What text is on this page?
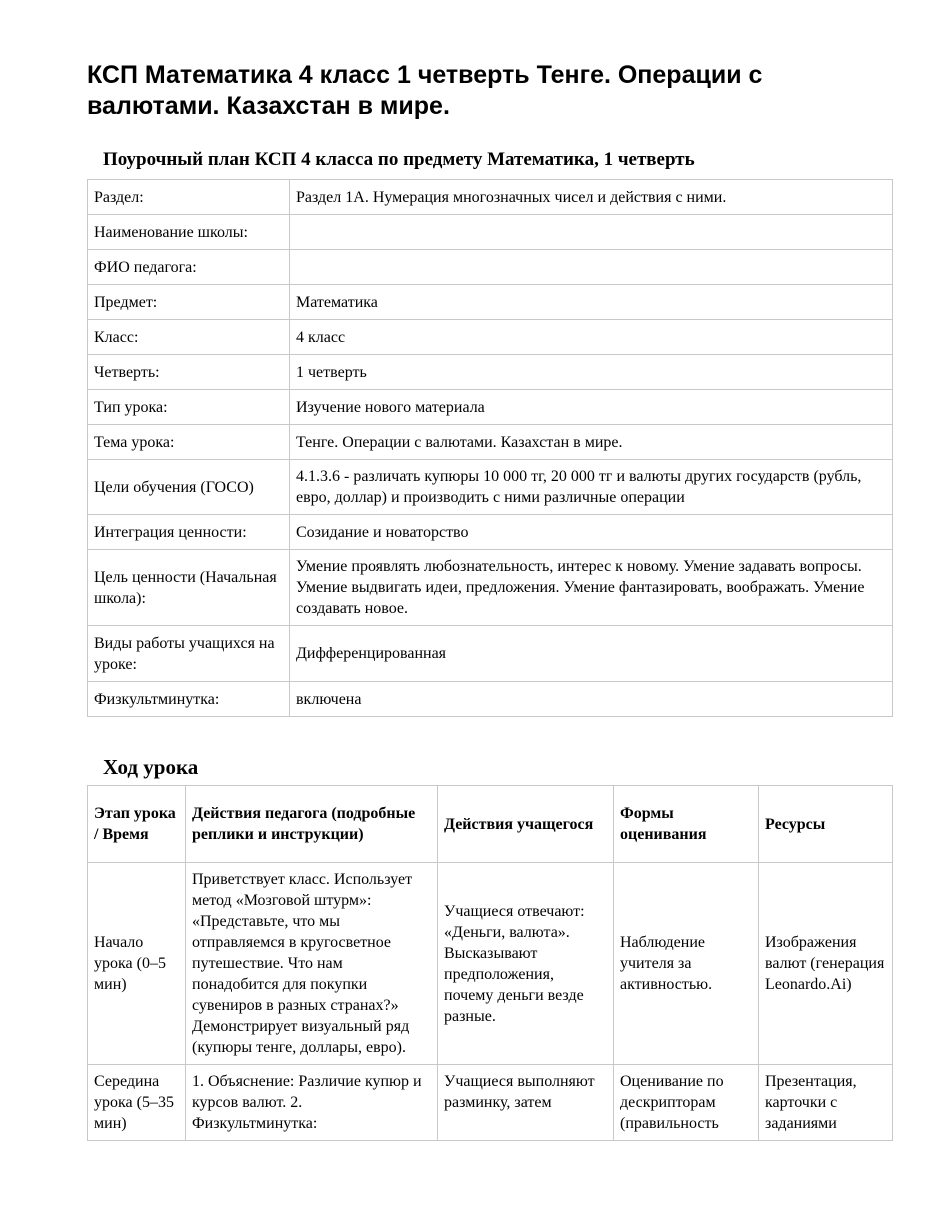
КСП Математика 4 класс 1 четверть Тенге. Операции с валютами. Казахстан в мире.
Поурочный план КСП 4 класса по предмету Математика, 1 четверть
Раздел:	Раздел 1А. Нумерация многозначных чисел и действия с ними.
Наименование школы:	
ФИО педагога:	
Предмет:	Математика
Класс:	4 класс
Четверть:	1 четверть
Тип урока:	Изучение нового материала
Тема урока:	Тенге. Операции с валютами. Казахстан в мире.
Цели обучения (ГОСО)	4.1.3.6 - различать купюры 10 000 тг, 20 000 тг и валюты других государств (рубль, евро, доллар) и производить с ними различные операции
Интеграция ценности:	Созидание и новаторство
Цель ценности (Начальная школа):	Умение проявлять любознательность, интерес к новому. Умение задавать вопросы. Умение выдвигать идеи, предложения. Умение фантазировать, воображать. Умение создавать новое.
Виды работы учащихся на уроке:	Дифференцированная
Физкультминутка:	включена
Ход урока
Этап урока / Время	Действия педагога (подробные реплики и инструкции)	Действия учащегося	Формы оценивания	Ресурсы
Начало урока (0–5 мин)	Приветствует класс. Использует метод «Мозговой штурм»: «Представьте, что мы отправляемся в кругосветное путешествие. Что нам понадобится для покупки сувениров в разных странах?» Демонстрирует визуальный ряд (купюры тенге, доллары, евро).	Учащиеся отвечают: «Деньги, валюта». Высказывают предположения, почему деньги везде разные.	Наблюдение учителя за активностью.	Изображения валют (генерация Leonardo.Ai)
Середина урока (5–35 мин)	1. Объяснение: Различие купюр и курсов валют. 2. Физкультминутка:	Учащиеся выполняют разминку, затем	Оценивание по дескрипторам (правильность	Презентация, карточки с заданиями
